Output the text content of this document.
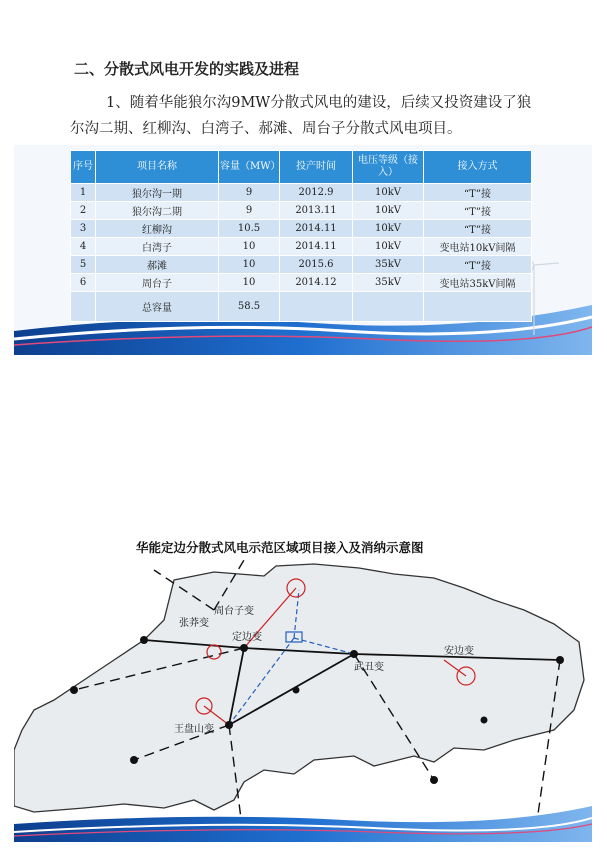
二、分散式风电开发的实践及进程
1、随着华能狼尔沟9MW分散式风电的建设，后续又投资建设了狼尔沟二期、红柳沟、白湾子、郝滩、周台子分散式风电项目。
序号	项目名称	容量（MW）	投产时间	电压等级（接入）	接入方式
1	狼尔沟一期	9	2012.9	10kV	“T”接
2	狼尔沟二期	9	2013.11	10kV	“T”接
3	红柳沟	10.5	2014.11	10kV	“T”接
4	白湾子	10	2014.11	10kV	变电站10kV间隔
5	郝滩	10	2015.6	35kV	“T”接
6	周台子	10	2014.12	35kV	变电站35kV间隔
	总容量	58.5			
华能定边分散式风电示范区域项目接入及消纳示意图
周台子变
张莽变
定边变
武丑变
安边变
王盘山变
